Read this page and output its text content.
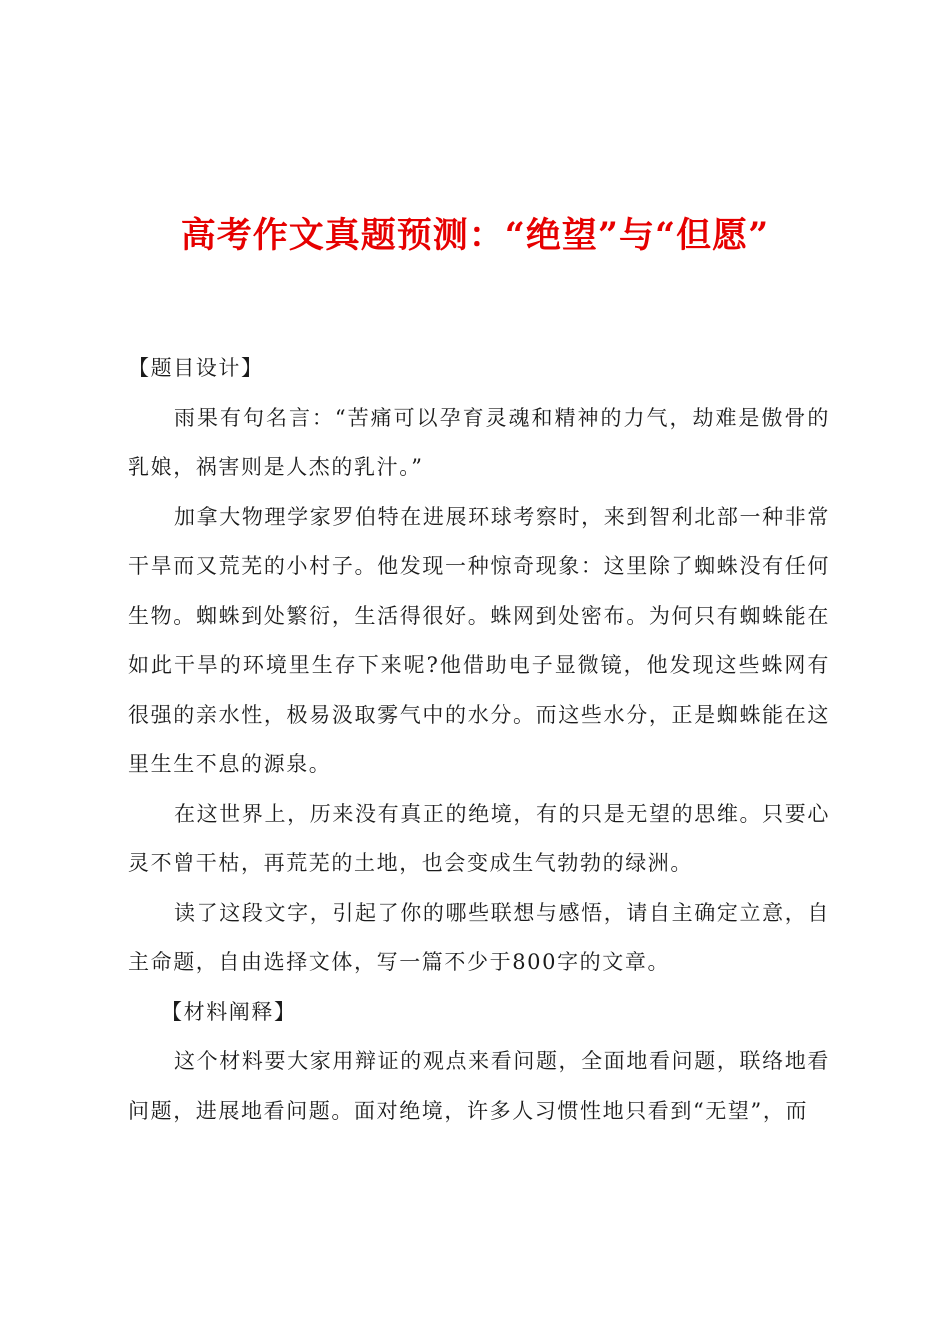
高考作文真题预测：“绝望”与“但愿”

【题目设计】

雨果有句名言：“苦痛可以孕育灵魂和精神的力气，劫难是傲骨的乳娘，祸害则是人杰的乳汁。”

加拿大物理学家罗伯特在进展环球考察时，来到智利北部一种非常干旱而又荒芜的小村子。他发现一种惊奇现象：这里除了蜘蛛没有任何生物。蜘蛛到处繁衍，生活得很好。蛛网到处密布。为何只有蜘蛛能在如此干旱的环境里生存下来呢?他借助电子显微镜，他发现这些蛛网有很强的亲水性，极易汲取雾气中的水分。而这些水分，正是蜘蛛能在这里生生不息的源泉。

在这世界上，历来没有真正的绝境，有的只是无望的思维。只要心灵不曾干枯，再荒芜的土地，也会变成生气勃勃的绿洲。

读了这段文字，引起了你的哪些联想与感悟，请自主确定立意，自主命题，自由选择文体，写一篇不少于800字的文章。

【材料阐释】

这个材料要大家用辩证的观点来看问题，全面地看问题，联络地看问题，进展地看问题。面对绝境，许多人习惯性地只看到“无望”，而
